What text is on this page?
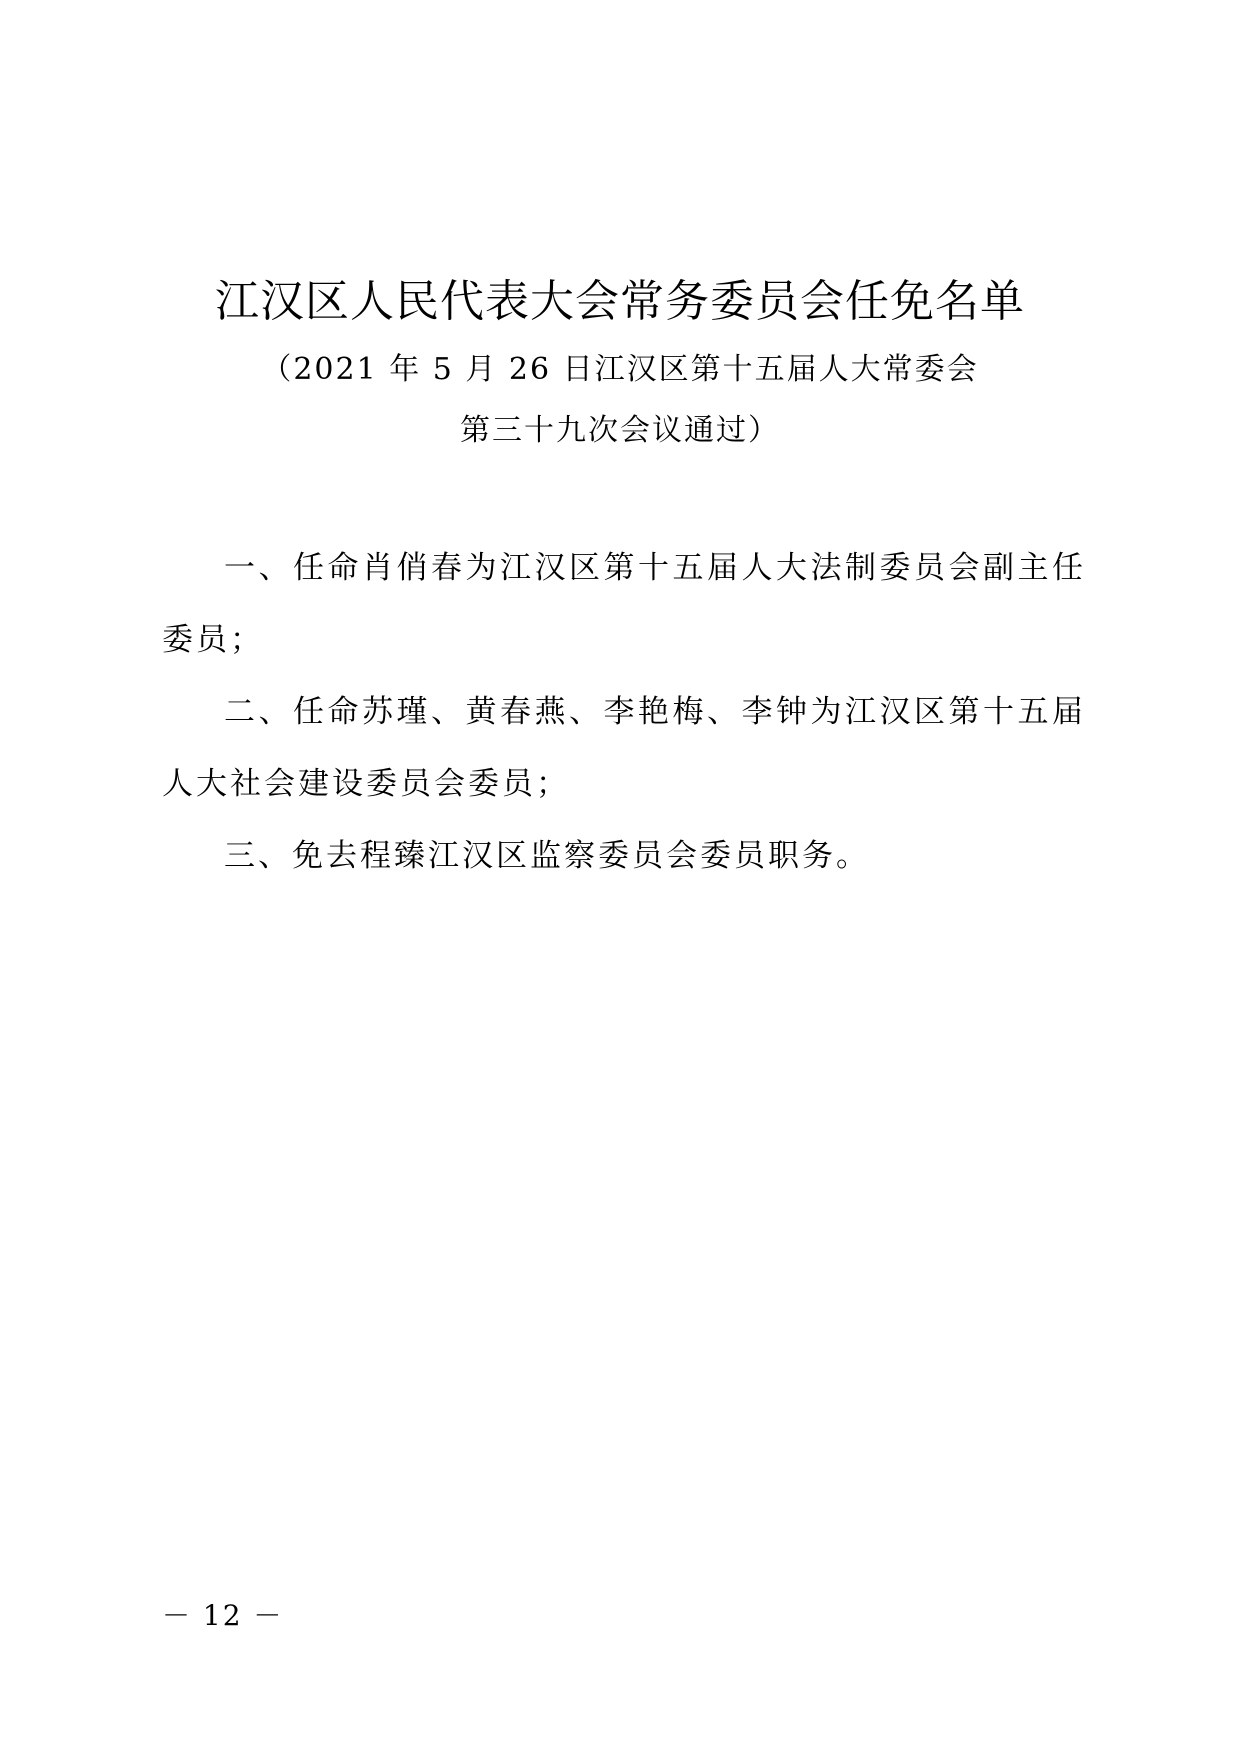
江汉区人民代表大会常务委员会任免名单
（2021 年 5 月 26 日江汉区第十五届人大常委会
第三十九次会议通过）

一、任命肖俏春为江汉区第十五届人大法制委员会副主任委员；

二、任命苏瑾、黄春燕、李艳梅、李钟为江汉区第十五届人大社会建设委员会委员；

三、免去程臻江汉区监察委员会委员职务。

－ 12 －
